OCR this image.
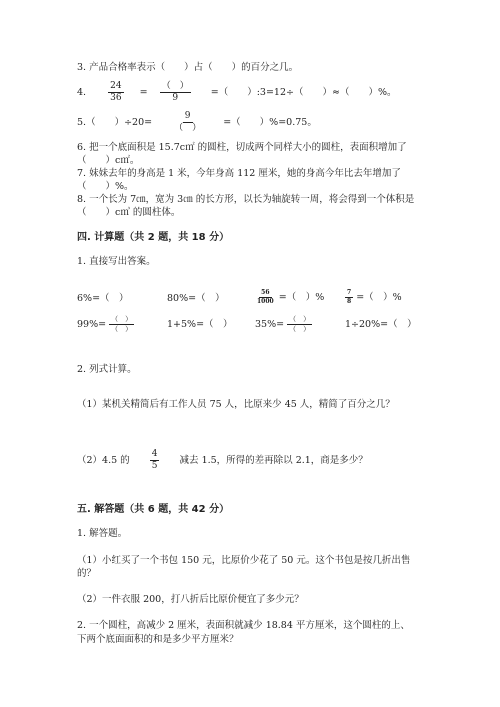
3. 产品合格率表示（　　）占（　　）的百分之几。
4. $\frac{24}{36} = \frac{( )}{9}$ =（　　）:3=12÷（　　）≈（　　）%。
5.（　　）$\div 20= \frac{9}{( )}$ =（　　）%=0.75。
6. 把一个底面积是 15.7c㎡ 的圆柱，切成两个同样大小的圆柱，表面积增加了
（　　）c㎡。
7. 妹妹去年的身高是 1 米，今年身高 112 厘米，她的身高今年比去年增加了
（　　）%。
8. 一个长为 7㎝，宽为 3㎝ 的长方形，以长为轴旋转一周，将会得到一个体积是
（　　）c㎥ 的圆柱体。
四. 计算题（共 2 题，共 18 分）
1. 直接写出答案。
6%=（　）	80%=（　）	$\frac{56}{1000}$ =（　）%	$\frac{7}{8}$ =（　）%
$99\%= \frac{( )}{( )}$	1+5%=（　） $35\%= \frac{( )}{( )}$	1÷20%=（　）
2. 列式计算。
（1）某机关精简后有工作人员 75 人，比原来少 45 人，精简了百分之几？
（2）4.5 的 $\frac{4}{5}$ 减去 1.5，所得的差再除以 2.1，商是多少？
五. 解答题（共 6 题，共 42 分）
1. 解答题。
（1）小红买了一个书包 150 元，比原价少花了 50 元。这个书包是按几折出售
的？
（2）一件衣服 200，打八折后比原价便宜了多少元？
2. 一个圆柱，高减少 2 厘米，表面积就减少 18.84 平方厘米，这个圆柱的上、
下两个底面面积的和是多少平方厘米？
